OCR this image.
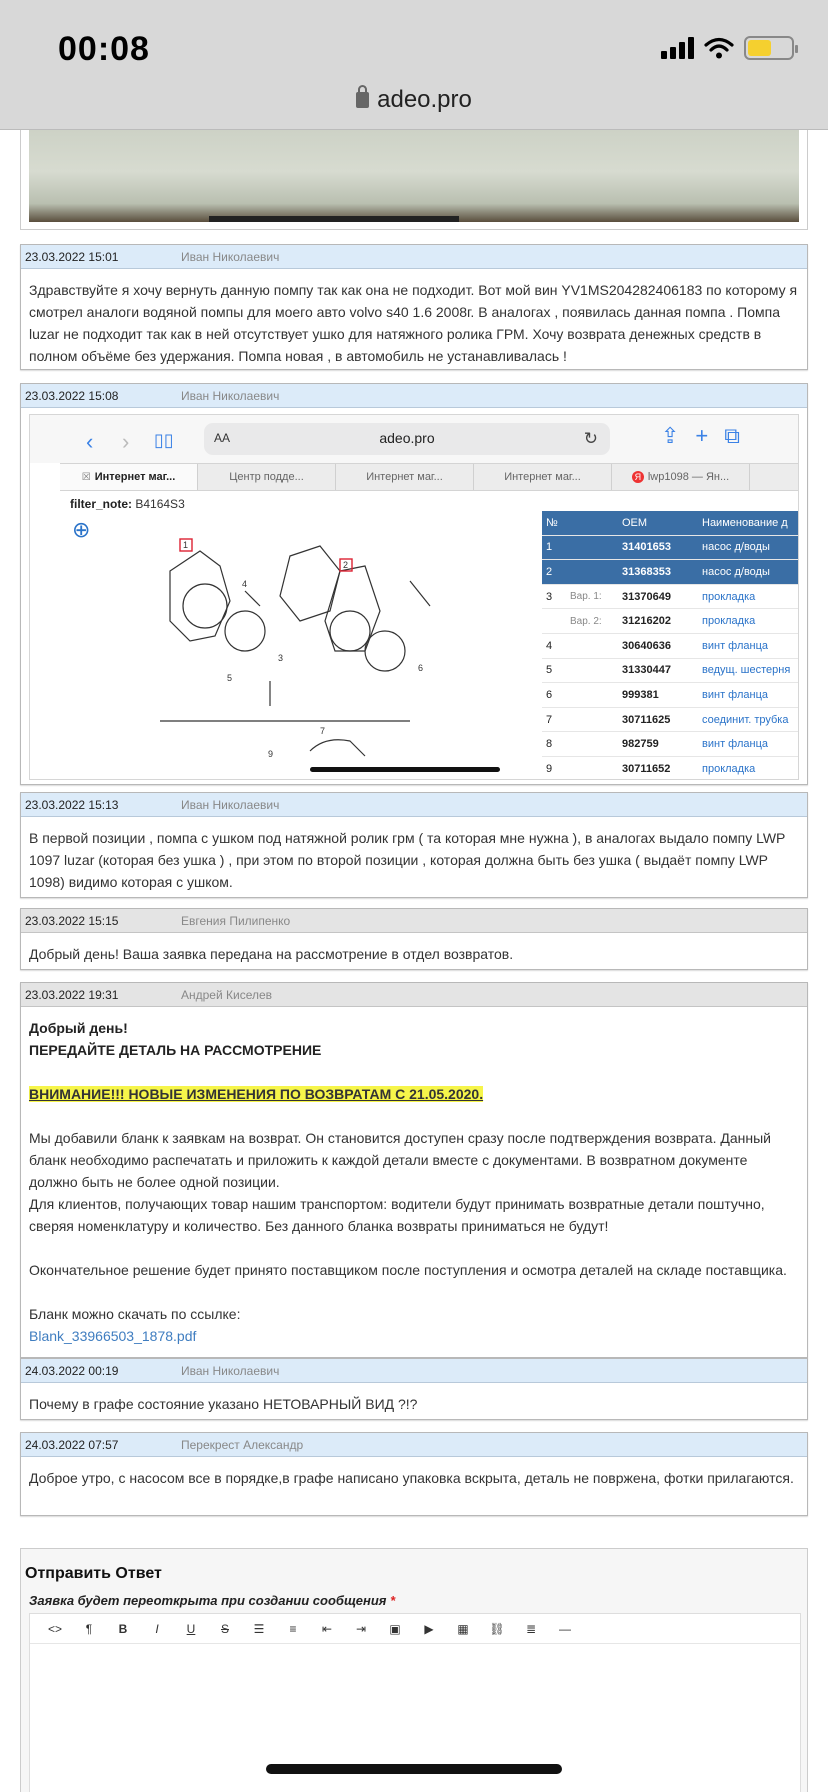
00:08
adeo.pro
23.03.2022 15:01	Иван Николаевич
Здравствуйте я хочу вернуть данную помпу так как она не подходит. Вот мой вин YV1MS204282406183 по которому я смотрел аналоги водяной помпы для моего авто volvo s40 1.6 2008г. В аналогах , появилась данная помпа . Помпа luzar не подходит так как в ней отсутствует ушко для натяжного ролика ГРМ. Хочу возврата денежных средств в полном объёме без удержания. Помпа новая , в автомобиль не устанавливалась !
23.03.2022 15:08	Иван Николаевич
‹ › ▯▯	AA	adeo.pro	↻	⇪ + ⧉
☒ Интернет маг...	Центр подде...	Интернет маг...	Интернет маг...	Я lwp1098 — Ян...
filter_note: B4164S3
⊕
1
2
3
4
5
6
7
9
№	OEM	Наименование д
1	31401653	насос д/воды
2	31368353	насос д/воды
3	Вар. 1:	31370649	прокладка
Вар. 2:	31216202	прокладка
4	30640636	винт фланца
5	31330447	ведущ. шестерня
6	999381	винт фланца
7	30711625	соединит. трубка
8	982759	винт фланца
9	30711652	прокладка
23.03.2022 15:13	Иван Николаевич
В первой позиции , помпа с ушком под натяжной ролик грм ( та которая мне нужна ), в аналогах выдало помпу LWP 1097 luzar (которая без ушка ) , при этом по второй позиции , которая должна быть без ушка ( выдаёт помпу LWP 1098) видимо которая с ушком.
23.03.2022 15:15	Евгения Пилипенко
Добрый день! Ваша заявка передана на рассмотрение в отдел возвратов.
23.03.2022 19:31	Андрей Киселев
Добрый день!
ПЕРЕДАЙТЕ ДЕТАЛЬ НА РАССМОТРЕНИЕ

ВНИМАНИЕ!!! НОВЫЕ ИЗМЕНЕНИЯ ПО ВОЗВРАТАМ С 21.05.2020.

Мы добавили бланк к заявкам на возврат. Он становится доступен сразу после подтверждения возврата. Данный бланк необходимо распечатать и приложить к каждой детали вместе с документами. В возвратном документе должно быть не более одной позиции.
Для клиентов, получающих товар нашим транспортом: водители будут принимать возвратные детали поштучно, сверяя номенклатуру и количество. Без данного бланка возвраты приниматься не будут!

Окончательное решение будет принято поставщиком после поступления и осмотра деталей на складе поставщика.

Бланк можно скачать по ссылке:
Blank_33966503_1878.pdf
24.03.2022 00:19	Иван Николаевич
Почему в графе состояние указано НЕТОВАРНЫЙ ВИД ?!?
24.03.2022 07:57	Перекрест Александр
Доброе утро, с насосом все в порядке,в графе написано упаковка вскрыта, деталь не повржена, фотки прилагаются.
Отправить Ответ
Заявка будет переоткрыта при создании сообщения *
<>	¶	B	I	U	S	☰	≡	⇤	⇥	▣	▶	▦	⛓	≣	—
